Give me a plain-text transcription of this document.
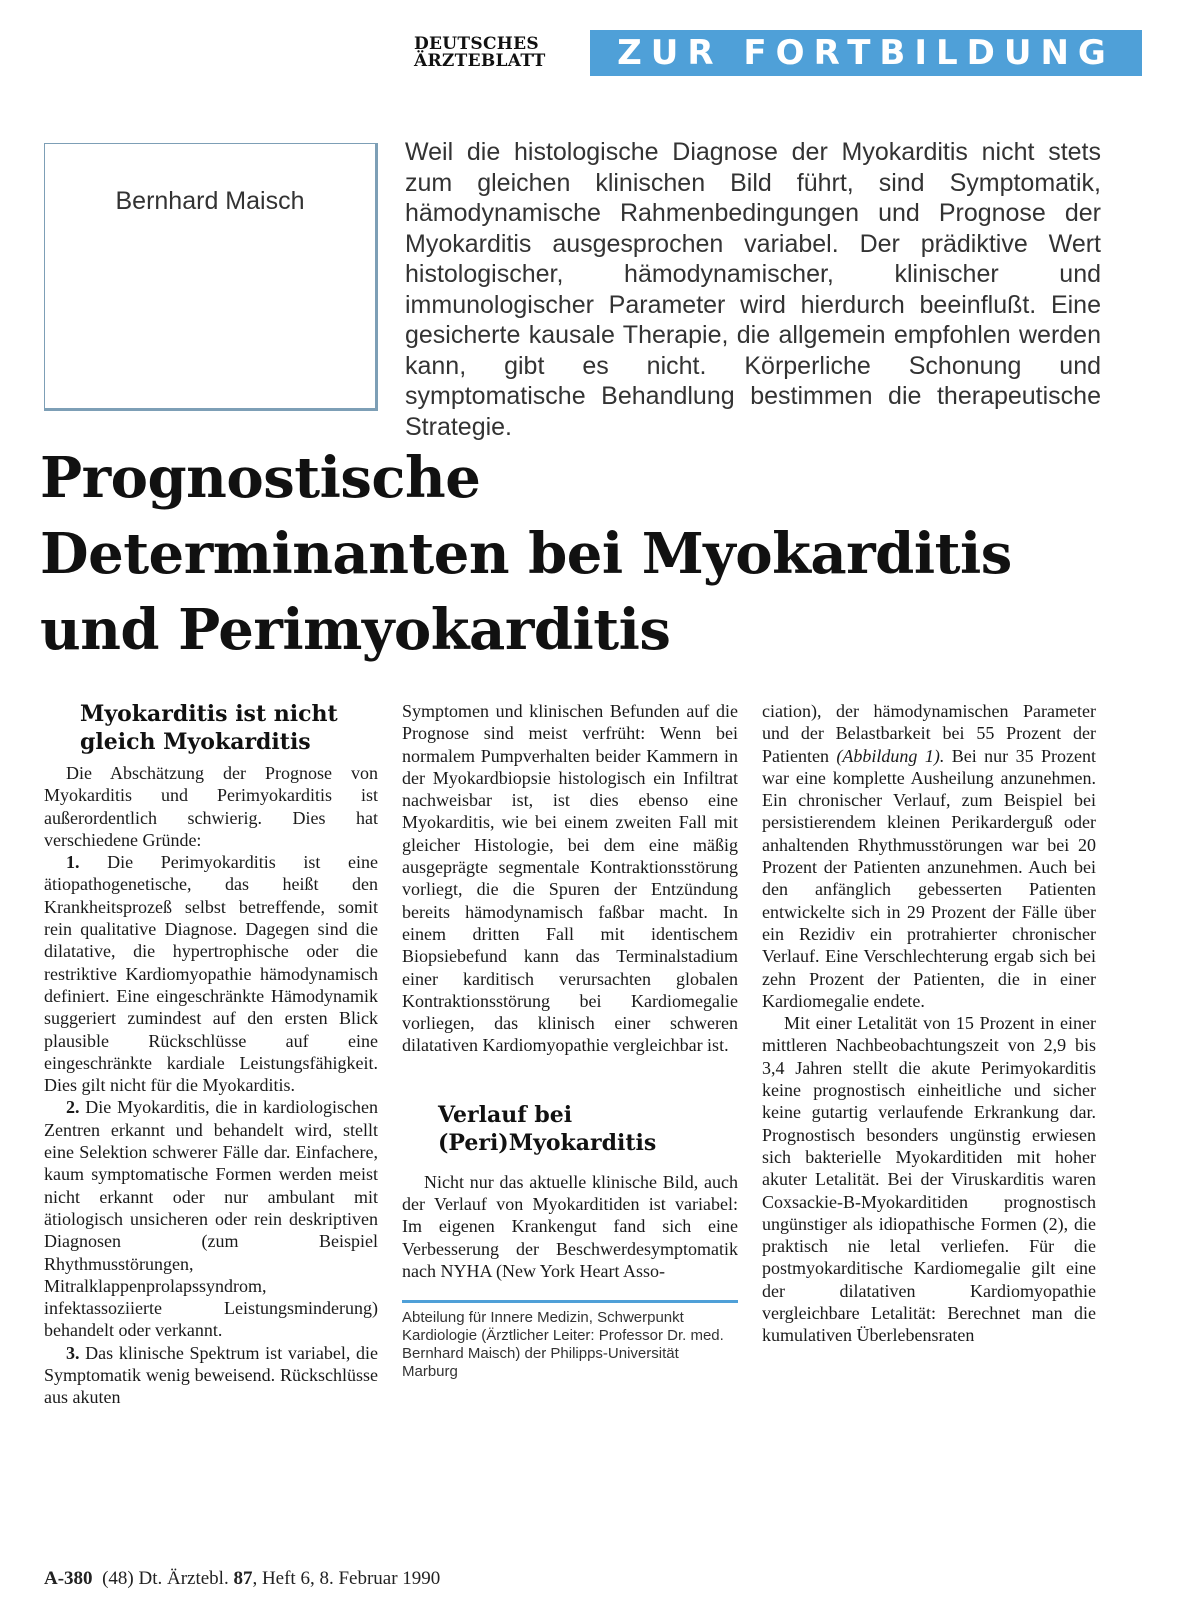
DEUTSCHES
ÄRZTEBLATT	ZUR FORTBILDUNG
Bernhard Maisch

Weil die histologische Diagnose der Myokarditis nicht stets zum gleichen klinischen Bild führt, sind Symptomatik, hämodynamische Rahmenbedingungen und Prognose der Myokarditis ausgesprochen variabel. Der prädiktive Wert histologischer, hämodynamischer, klinischer und immunologischer Parameter wird hierdurch beeinflußt. Eine gesicherte kausale Therapie, die allgemein empfohlen werden kann, gibt es nicht. Körperliche Schonung und symptomatische Behandlung bestimmen die therapeutische Strategie.

Prognostische
Determinanten bei Myokarditis
und Perimyokarditis
Myokarditis ist nicht gleich Myokarditis

Die Abschätzung der Prognose von Myokarditis und Perimyokarditis ist außerordentlich schwierig. Dies hat verschiedene Gründe:

1. Die Perimyokarditis ist eine ätiopathogenetische, das heißt den Krankheitsprozeß selbst betreffende, somit rein qualitative Diagnose. Dagegen sind die dilatative, die hypertrophische oder die restriktive Kardiomyopathie hämodynamisch definiert. Eine eingeschränkte Hämodynamik suggeriert zumindest auf den ersten Blick plausible Rückschlüsse auf eine eingeschränkte kardiale Leistungsfähigkeit. Dies gilt nicht für die Myokarditis.

2. Die Myokarditis, die in kardiologischen Zentren erkannt und behandelt wird, stellt eine Selektion schwerer Fälle dar. Einfachere, kaum symptomatische Formen werden meist nicht erkannt oder nur ambulant mit ätiologisch unsicheren oder rein deskriptiven Diagnosen (zum Beispiel Rhythmusstörungen, Mitralklappenprolapssyndrom, infektassoziierte Leistungsminderung) behandelt oder verkannt.

3. Das klinische Spektrum ist variabel, die Symptomatik wenig beweisend. Rückschlüsse aus akuten

Symptomen und klinischen Befunden auf die Prognose sind meist verfrüht: Wenn bei normalem Pumpverhalten beider Kammern in der Myokardbiopsie histologisch ein Infiltrat nachweisbar ist, ist dies ebenso eine Myokarditis, wie bei einem zweiten Fall mit gleicher Histologie, bei dem eine mäßig ausgeprägte segmentale Kontraktionsstörung vorliegt, die die Spuren der Entzündung bereits hämodynamisch faßbar macht. In einem dritten Fall mit identischem Biopsiebefund kann das Terminalstadium einer karditisch verursachten globalen Kontraktionsstörung bei Kardiomegalie vorliegen, das klinisch einer schweren dilatativen Kardiomyopathie vergleichbar ist.

Verlauf bei (Peri)Myokarditis

Nicht nur das aktuelle klinische Bild, auch der Verlauf von Myokarditiden ist variabel: Im eigenen Krankengut fand sich eine Verbesserung der Beschwerdesymptomatik nach NYHA (New York Heart Asso-

Abteilung für Innere Medizin, Schwerpunkt Kardiologie (Ärztlicher Leiter: Professor Dr. med. Bernhard Maisch) der Philipps-Universität Marburg

ciation), der hämodynamischen Parameter und der Belastbarkeit bei 55 Prozent der Patienten (Abbildung 1). Bei nur 35 Prozent war eine komplette Ausheilung anzunehmen. Ein chronischer Verlauf, zum Beispiel bei persistierendem kleinen Perikarderguß oder anhaltenden Rhythmusstörungen war bei 20 Prozent der Patienten anzunehmen. Auch bei den anfänglich gebesserten Patienten entwickelte sich in 29 Prozent der Fälle über ein Rezidiv ein protrahierter chronischer Verlauf. Eine Verschlechterung ergab sich bei zehn Prozent der Patienten, die in einer Kardiomegalie endete.

Mit einer Letalität von 15 Prozent in einer mittleren Nachbeobachtungszeit von 2,9 bis 3,4 Jahren stellt die akute Perimyokarditis keine prognostisch einheitliche und sicher keine gutartig verlaufende Erkrankung dar. Prognostisch besonders ungünstig erwiesen sich bakterielle Myokarditiden mit hoher akuter Letalität. Bei der Viruskarditis waren Coxsackie-B-Myokarditiden prognostisch ungünstiger als idiopathische Formen (2), die praktisch nie letal verliefen. Für die postmyokarditische Kardiomegalie gilt eine der dilatativen Kardiomyopathie vergleichbare Letalität: Berechnet man die kumulativen Überlebensraten

A-380  (48) Dt. Ärztebl. 87, Heft 6, 8. Februar 1990
